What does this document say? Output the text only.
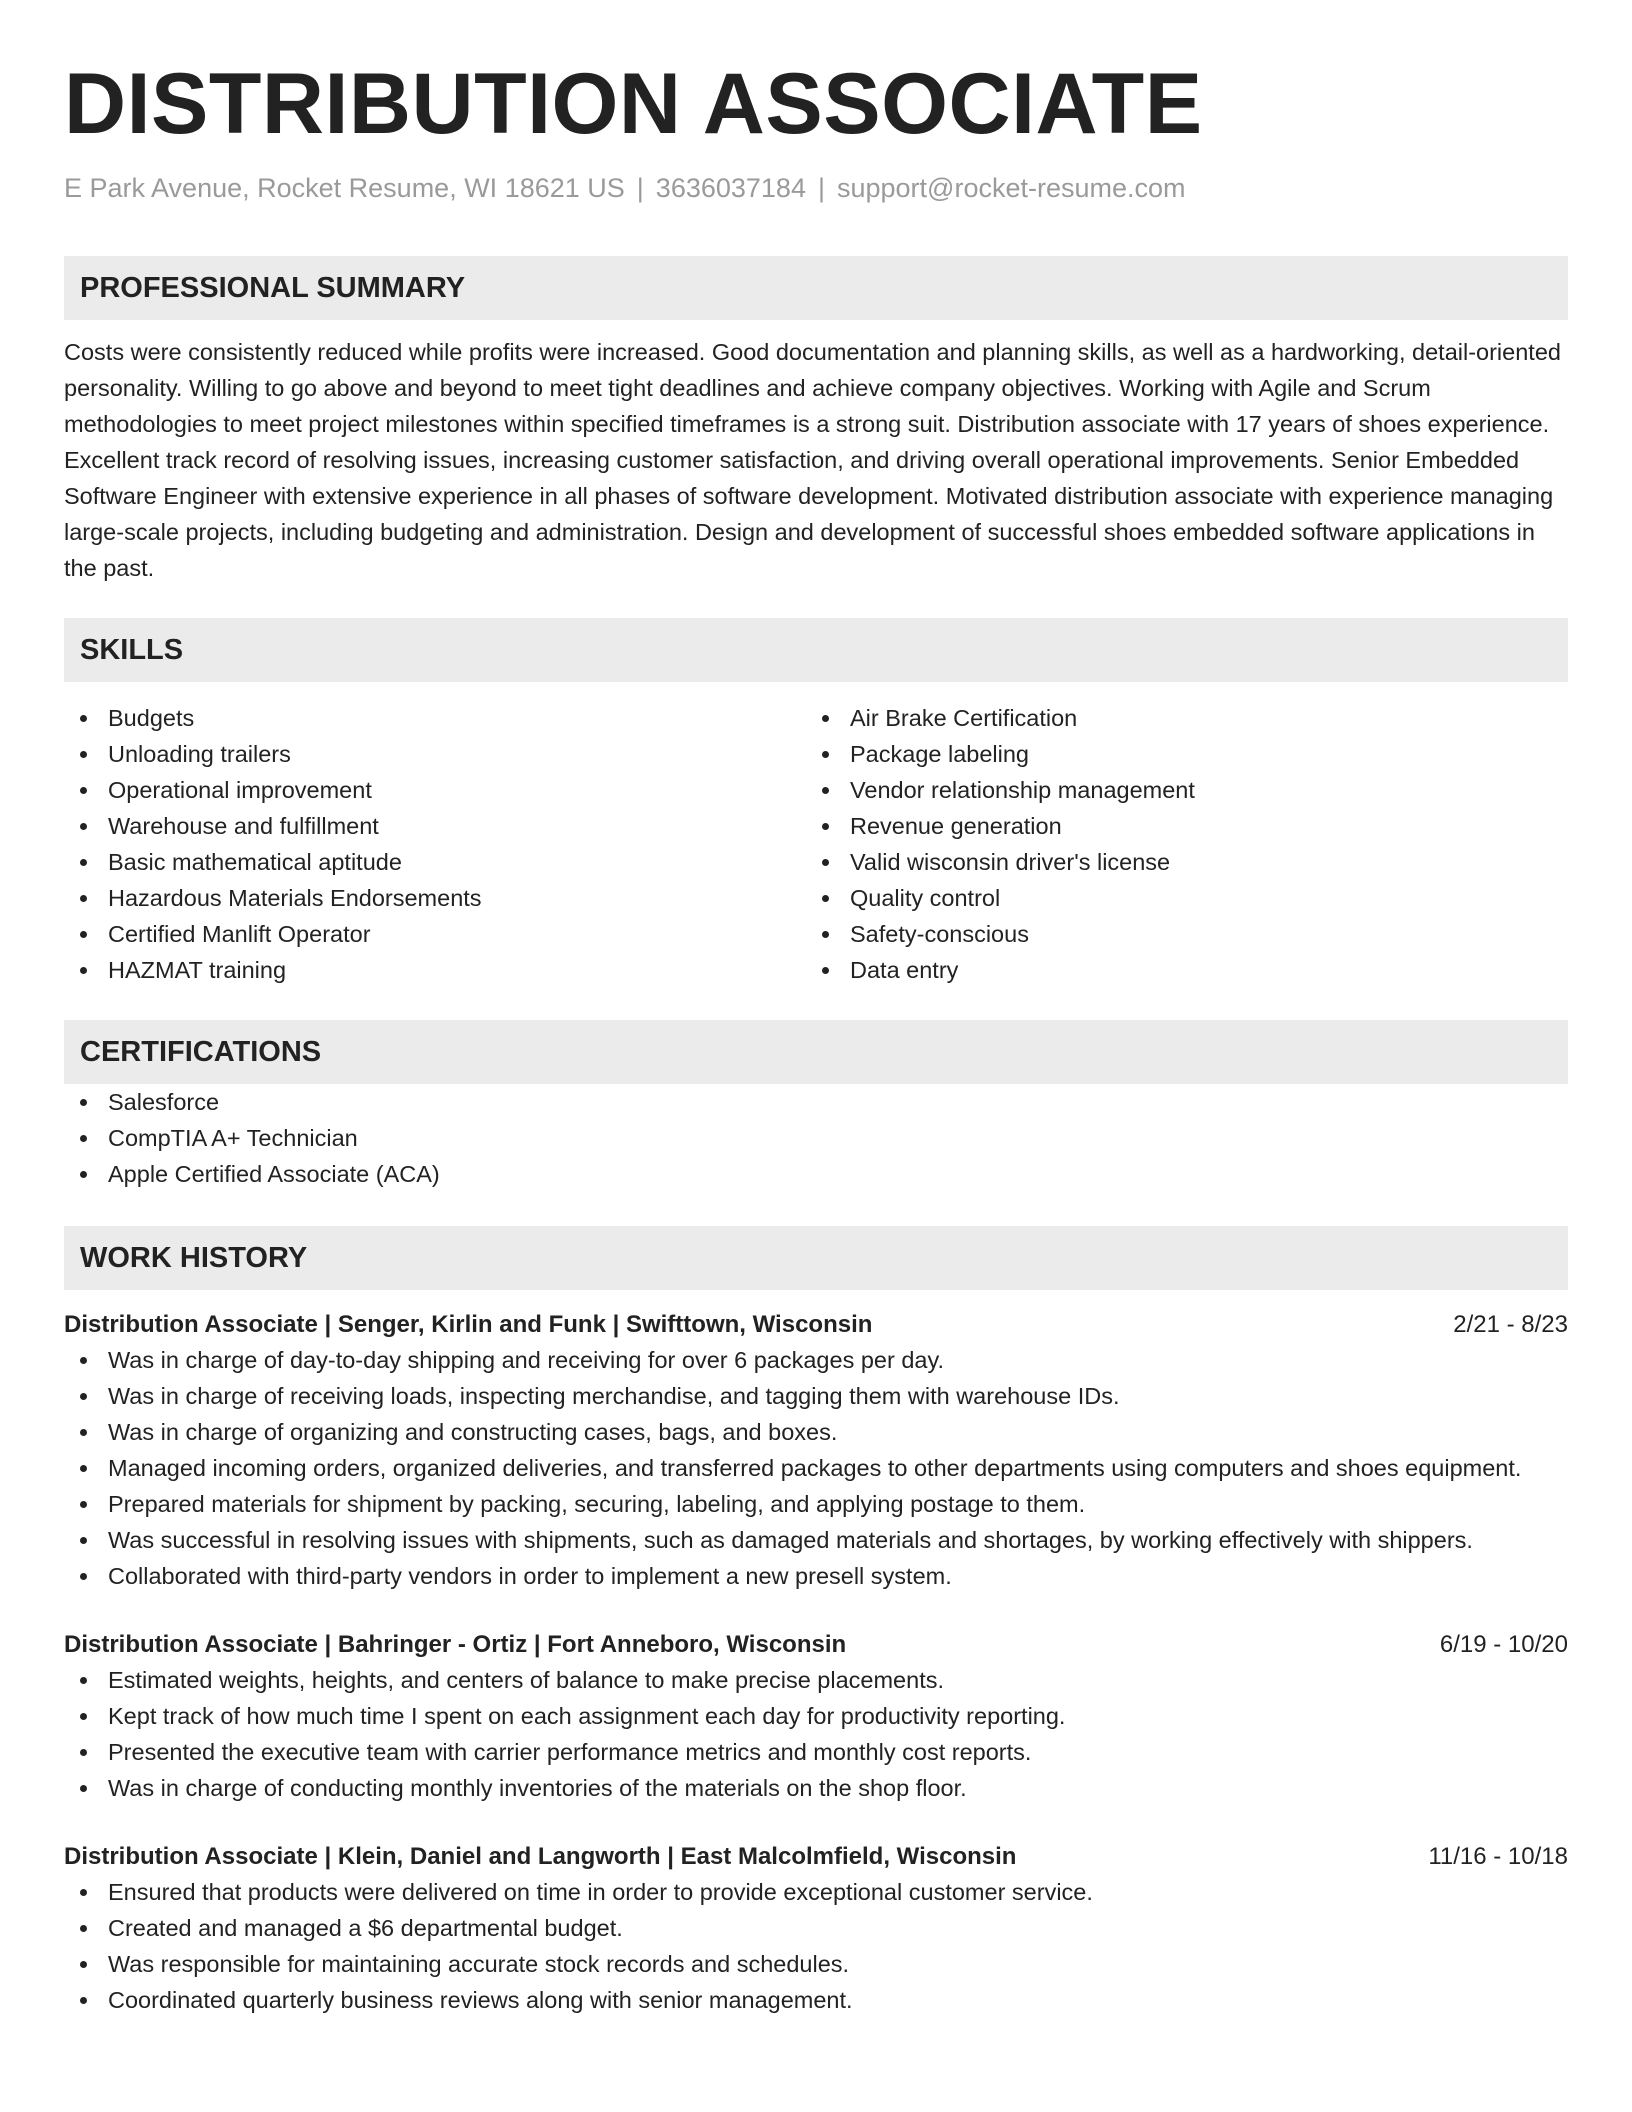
DISTRIBUTION ASSOCIATE
E Park Avenue, Rocket Resume, WI 18621 US | 3636037184 | support@rocket-resume.com
PROFESSIONAL SUMMARY
Costs were consistently reduced while profits were increased. Good documentation and planning skills, as well as a hardworking, detail-oriented personality. Willing to go above and beyond to meet tight deadlines and achieve company objectives. Working with Agile and Scrum methodologies to meet project milestones within specified timeframes is a strong suit. Distribution associate with 17 years of shoes experience. Excellent track record of resolving issues, increasing customer satisfaction, and driving overall operational improvements. Senior Embedded Software Engineer with extensive experience in all phases of software development. Motivated distribution associate with experience managing large-scale projects, including budgeting and administration. Design and development of successful shoes embedded software applications in the past.
SKILLS
Budgets
Unloading trailers
Operational improvement
Warehouse and fulfillment
Basic mathematical aptitude
Hazardous Materials Endorsements
Certified Manlift Operator
HAZMAT training
Air Brake Certification
Package labeling
Vendor relationship management
Revenue generation
Valid wisconsin driver's license
Quality control
Safety-conscious
Data entry
CERTIFICATIONS
Salesforce
CompTIA A+ Technician
Apple Certified Associate (ACA)
WORK HISTORY
Distribution Associate | Senger, Kirlin and Funk | Swifttown, Wisconsin	2/21 - 8/23
Was in charge of day-to-day shipping and receiving for over 6 packages per day.
Was in charge of receiving loads, inspecting merchandise, and tagging them with warehouse IDs.
Was in charge of organizing and constructing cases, bags, and boxes.
Managed incoming orders, organized deliveries, and transferred packages to other departments using computers and shoes equipment.
Prepared materials for shipment by packing, securing, labeling, and applying postage to them.
Was successful in resolving issues with shipments, such as damaged materials and shortages, by working effectively with shippers.
Collaborated with third-party vendors in order to implement a new presell system.
Distribution Associate | Bahringer - Ortiz | Fort Anneboro, Wisconsin	6/19 - 10/20
Estimated weights, heights, and centers of balance to make precise placements.
Kept track of how much time I spent on each assignment each day for productivity reporting.
Presented the executive team with carrier performance metrics and monthly cost reports.
Was in charge of conducting monthly inventories of the materials on the shop floor.
Distribution Associate | Klein, Daniel and Langworth | East Malcolmfield, Wisconsin	11/16 - 10/18
Ensured that products were delivered on time in order to provide exceptional customer service.
Created and managed a $6 departmental budget.
Was responsible for maintaining accurate stock records and schedules.
Coordinated quarterly business reviews along with senior management.
